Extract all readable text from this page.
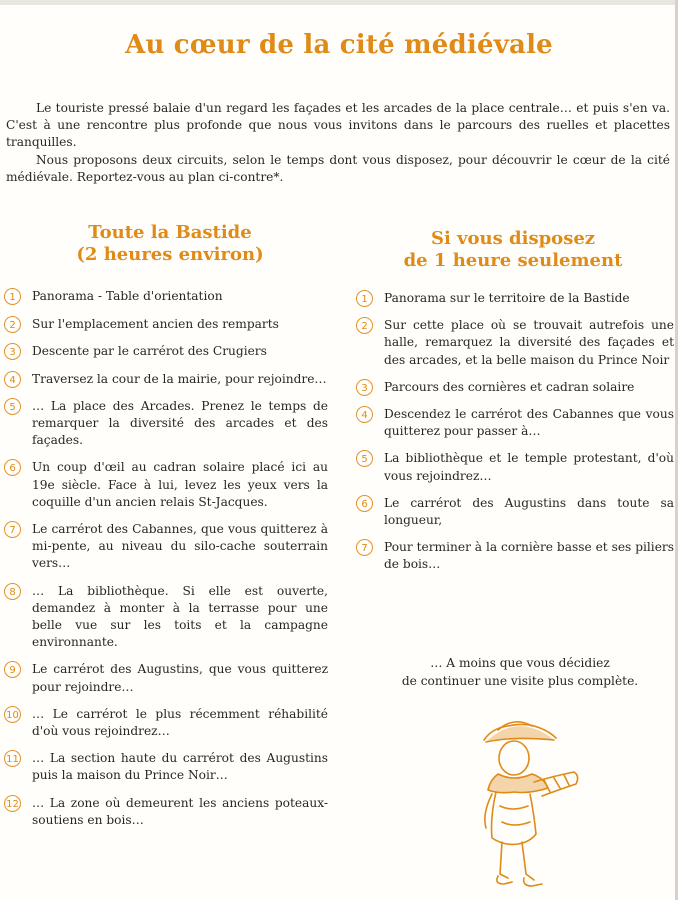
Au cœur de la cité médiévale

Le touriste pressé balaie d'un regard les façades et les arcades de la place centrale… et puis s'en va. C'est à une rencontre plus profonde que nous vous invitons dans le parcours des ruelles et placettes tranquilles.

Nous proposons deux circuits, selon le temps dont vous disposez, pour découvrir le cœur de la cité médiévale. Reportez-vous au plan ci-contre*.

Toute la Bastide
(2 heures environ)
1	Panorama - Table d'orientation
2	Sur l'emplacement ancien des remparts
3	Descente par le carrérot des Crugiers
4	Traversez la cour de la mairie, pour rejoindre…
5	… La place des Arcades. Prenez le temps de remarquer la diversité des arcades et des façades.
6	Un coup d'œil au cadran solaire placé ici au 19e siècle. Face à lui, levez les yeux vers la coquille d'un ancien relais St-Jacques.
7	Le carrérot des Cabannes, que vous quitterez à mi-pente, au niveau du silo-cache souterrain vers…
8	… La bibliothèque. Si elle est ouverte, demandez à monter à la terrasse pour une belle vue sur les toits et la campagne environnante.
9	Le carrérot des Augustins, que vous quitterez pour rejoindre…
10 … Le carrérot le plus récemment réhabilité d'où vous rejoindrez…
11 … La section haute du carrérot des Augustins puis la maison du Prince Noir…
12 … La zone où demeurent les anciens poteaux-soutiens en bois…
Si vous disposez
de 1 heure seulement
1	Panorama sur le territoire de la Bastide
2	Sur cette place où se trouvait autrefois une halle, remarquez la diversité des façades et des arcades, et la belle maison du Prince Noir
3	Parcours des cornières et cadran solaire
4	Descendez le carrérot des Cabannes que vous quitterez pour passer à…
5	La bibliothèque et le temple protestant, d'où vous rejoindrez…
6	Le carrérot des Augustins dans toute sa longueur,
7	Pour terminer à la cornière basse et ses piliers de bois…

… A moins que vous décidiez
de continuer une visite plus complète.
